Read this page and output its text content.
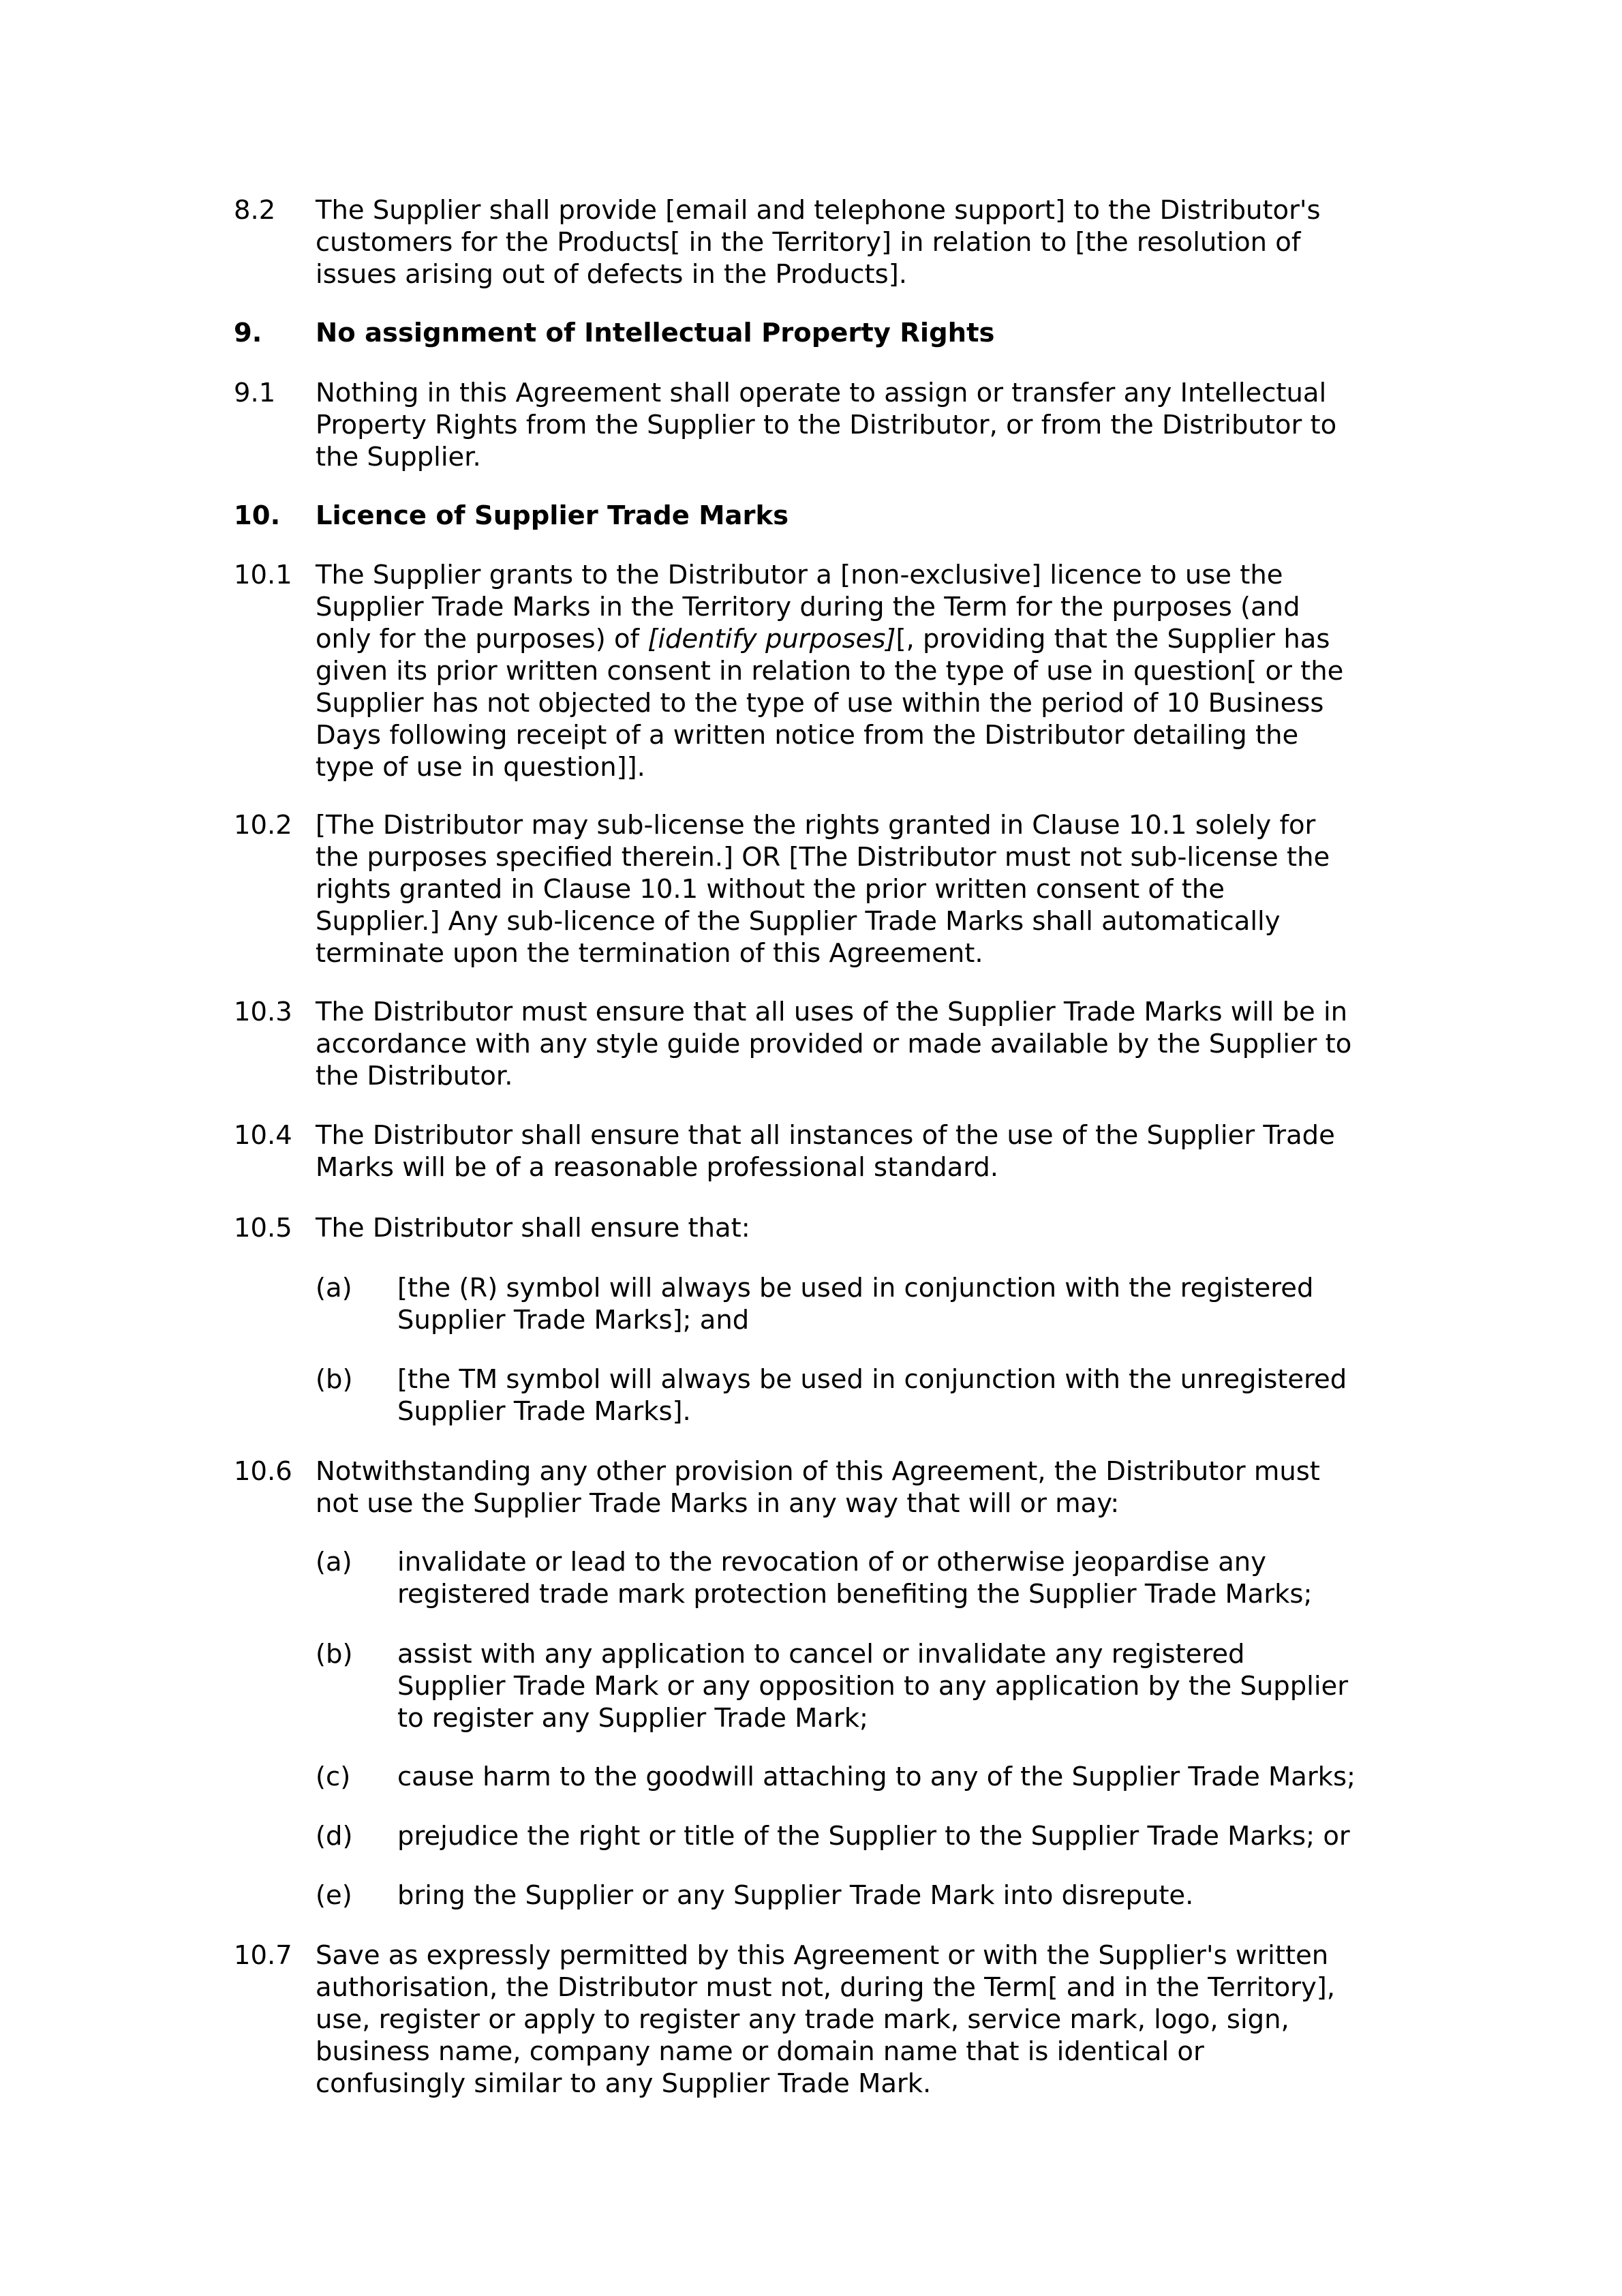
8.2 The Supplier shall provide [email and telephone support] to the Distributor's
customers for the Products[ in the Territory] in relation to [the resolution of
issues arising out of defects in the Products].
9. No assignment of Intellectual Property Rights
9.1 Nothing in this Agreement shall operate to assign or transfer any Intellectual
Property Rights from the Supplier to the Distributor, or from the Distributor to
the Supplier.
10. Licence of Supplier Trade Marks
10.1 The Supplier grants to the Distributor a [non-exclusive] licence to use the
Supplier Trade Marks in the Territory during the Term for the purposes (and
only for the purposes) of [identify purposes][, providing that the Supplier has
given its prior written consent in relation to the type of use in question[ or the
Supplier has not objected to the type of use within the period of 10 Business
Days following receipt of a written notice from the Distributor detailing the
type of use in question]].
10.2 [The Distributor may sub-license the rights granted in Clause 10.1 solely for
the purposes specified therein.] OR [The Distributor must not sub-license the
rights granted in Clause 10.1 without the prior written consent of the
Supplier.] Any sub-licence of the Supplier Trade Marks shall automatically
terminate upon the termination of this Agreement.
10.3 The Distributor must ensure that all uses of the Supplier Trade Marks will be in
accordance with any style guide provided or made available by the Supplier to
the Distributor.
10.4 The Distributor shall ensure that all instances of the use of the Supplier Trade
Marks will be of a reasonable professional standard.
10.5 The Distributor shall ensure that:
(a) [the (R) symbol will always be used in conjunction with the registered
Supplier Trade Marks]; and
(b) [the TM symbol will always be used in conjunction with the unregistered
Supplier Trade Marks].
10.6 Notwithstanding any other provision of this Agreement, the Distributor must
not use the Supplier Trade Marks in any way that will or may:
(a) invalidate or lead to the revocation of or otherwise jeopardise any
registered trade mark protection benefiting the Supplier Trade Marks;
(b) assist with any application to cancel or invalidate any registered
Supplier Trade Mark or any opposition to any application by the Supplier
to register any Supplier Trade Mark;
(c) cause harm to the goodwill attaching to any of the Supplier Trade Marks;
(d) prejudice the right or title of the Supplier to the Supplier Trade Marks; or
(e) bring the Supplier or any Supplier Trade Mark into disrepute.
10.7 Save as expressly permitted by this Agreement or with the Supplier's written
authorisation, the Distributor must not, during the Term[ and in the Territory],
use, register or apply to register any trade mark, service mark, logo, sign,
business name, company name or domain name that is identical or
confusingly similar to any Supplier Trade Mark.
